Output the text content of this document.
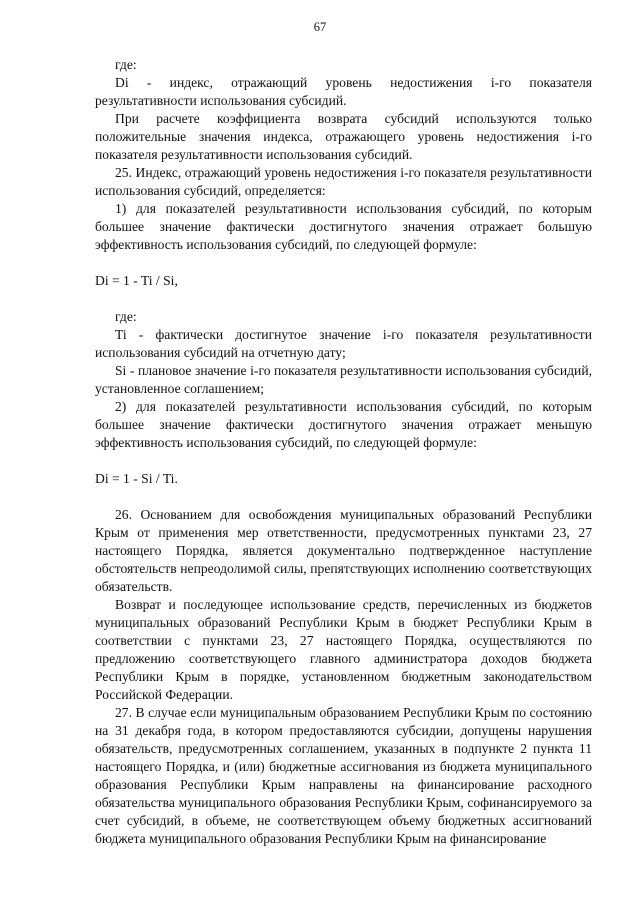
67

где:

Di - индекс, отражающий уровень недостижения i-го показателя результативности использования субсидий.

При расчете коэффициента возврата субсидий используются только положительные значения индекса, отражающего уровень недостижения i-го показателя результативности использования субсидий.

25. Индекс, отражающий уровень недостижения i-го показателя результативности использования субсидий, определяется:

1) для показателей результативности использования субсидий, по которым большее значение фактически достигнутого значения отражает большую эффективность использования субсидий, по следующей формуле:

Di = 1 - Ti / Si,

где:

Ti - фактически достигнутое значение i-го показателя результативности использования субсидий на отчетную дату;

Si - плановое значение i-го показателя результативности использования субсидий, установленное соглашением;

2) для показателей результативности использования субсидий, по которым большее значение фактически достигнутого значения отражает меньшую эффективность использования субсидий, по следующей формуле:

Di = 1 - Si / Ti.

26. Основанием для освобождения муниципальных образований Республики Крым от применения мер ответственности, предусмотренных пунктами 23, 27 настоящего Порядка, является документально подтвержденное наступление обстоятельств непреодолимой силы, препятствующих исполнению соответствующих обязательств.

Возврат и последующее использование средств, перечисленных из бюджетов муниципальных образований Республики Крым в бюджет Республики Крым в соответствии с пунктами 23, 27 настоящего Порядка, осуществляются по предложению соответствующего главного администратора доходов бюджета Республики Крым в порядке, установленном бюджетным законодательством Российской Федерации.

27. В случае если муниципальным образованием Республики Крым по состоянию на 31 декабря года, в котором предоставляются субсидии, допущены нарушения обязательств, предусмотренных соглашением, указанных в подпункте 2 пункта 11 настоящего Порядка, и (или) бюджетные ассигнования из бюджета муниципального образования Республики Крым направлены на финансирование расходного обязательства муниципального образования Республики Крым, софинансируемого за счет субсидий, в объеме, не соответствующем объему бюджетных ассигнований бюджета муниципального образования Республики Крым на финансирование
